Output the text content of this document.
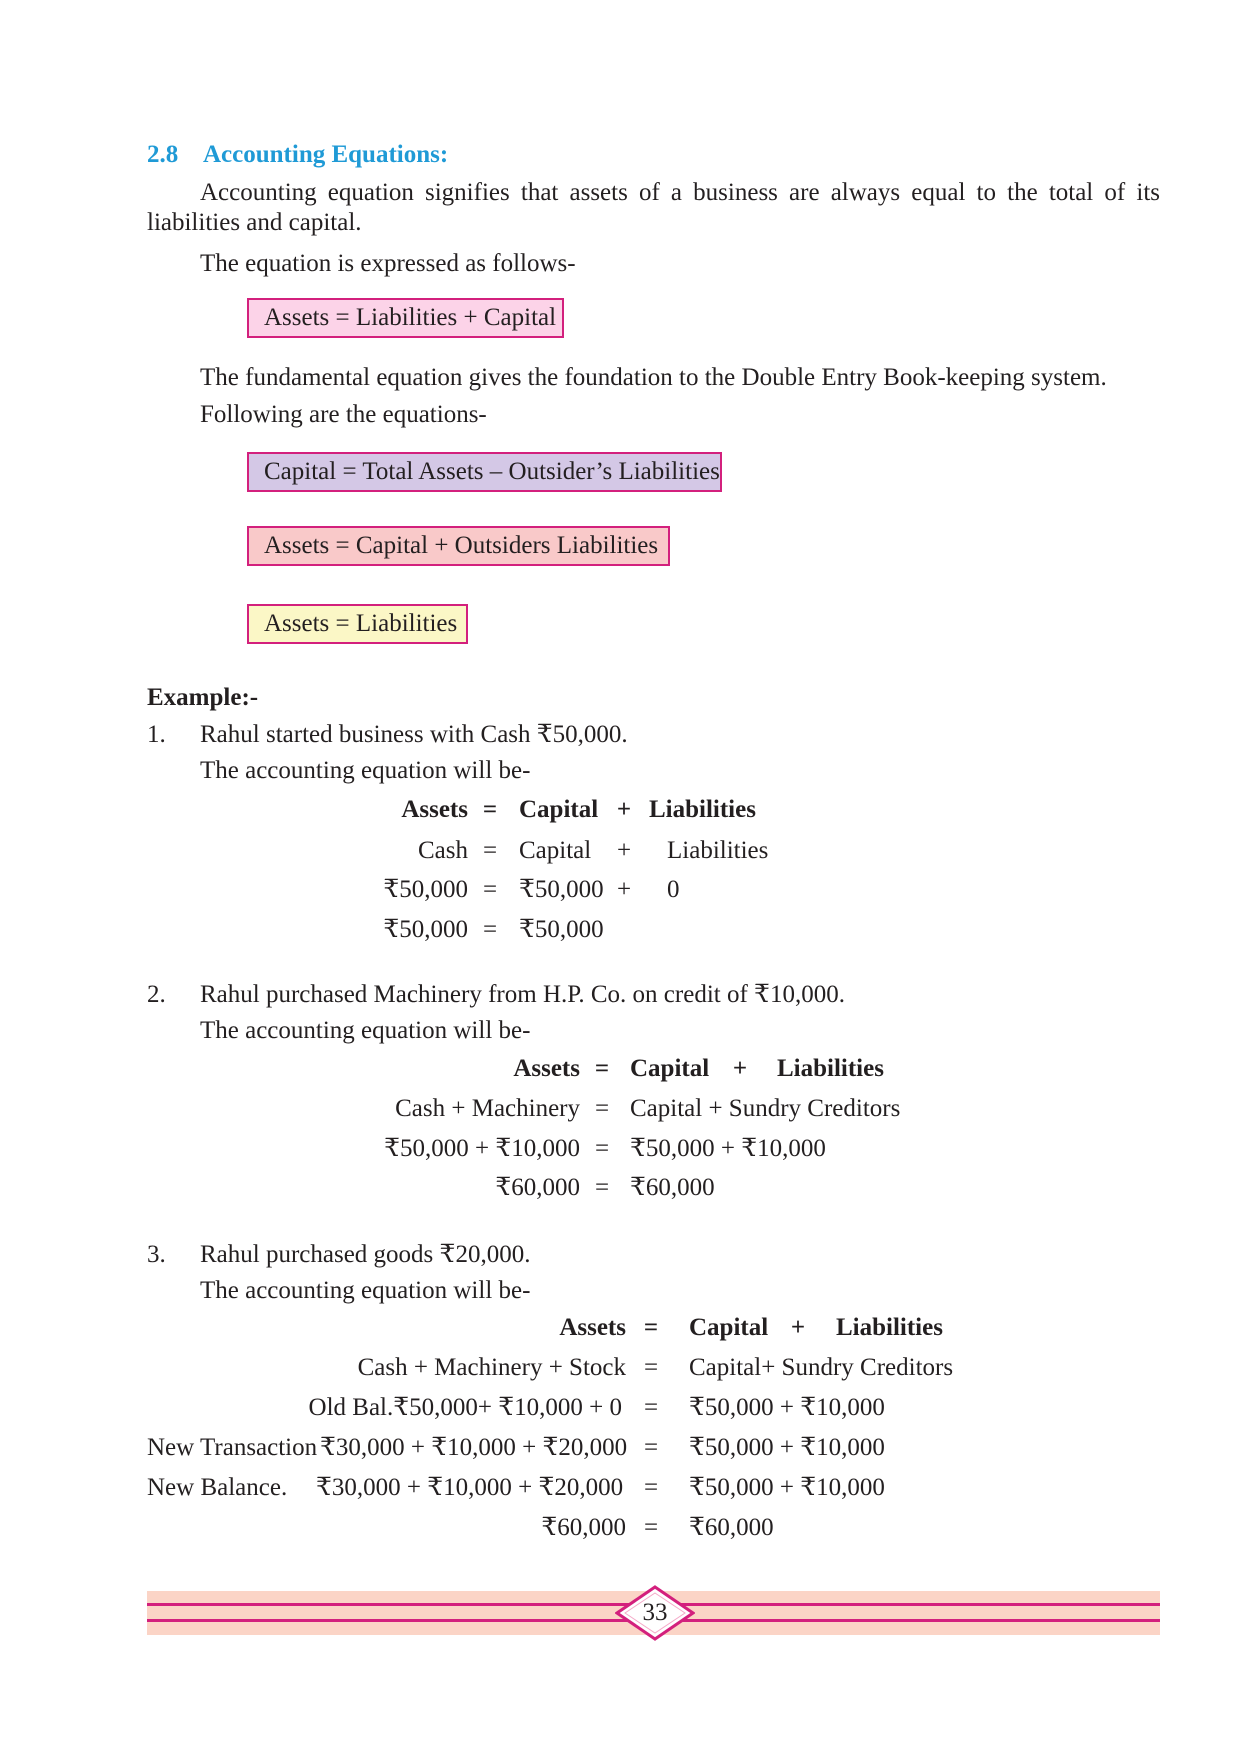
2.8 Accounting Equations:
Accounting equation signifies that assets of a business are always equal to the total of its liabilities and capital.
The equation is expressed as follows-
Assets = Liabilities + Capital
The fundamental equation gives the foundation to the Double Entry Book-keeping system.
Following are the equations-
Capital = Total Assets – Outsider’s Liabilities
Assets = Capital + Outsiders Liabilities
Assets = Liabilities
Example:-
1. Rahul started business with Cash ₹50,000.
The accounting equation will be-
Assets = Capital + Liabilities
Cash = Capital + Liabilities
₹50,000 = ₹50,000 + 0
₹50,000 = ₹50,000
2. Rahul purchased Machinery from H.P. Co. on credit of ₹10,000.
The accounting equation will be-
Assets = Capital + Liabilities
Cash + Machinery = Capital + Sundry Creditors
₹50,000 + ₹10,000 = ₹50,000 + ₹10,000
₹60,000 = ₹60,000
3. Rahul purchased goods ₹20,000.
The accounting equation will be-
Assets = Capital + Liabilities
Cash + Machinery + Stock = Capital+ Sundry Creditors
Old Bal.₹50,000+ ₹10,000 + 0 = ₹50,000 + ₹10,000
New Transaction ₹30,000 + ₹10,000 + ₹20,000 = ₹50,000 + ₹10,000
New Balance. ₹30,000 + ₹10,000 + ₹20,000 = ₹50,000 + ₹10,000
₹60,000 = ₹60,000
33
